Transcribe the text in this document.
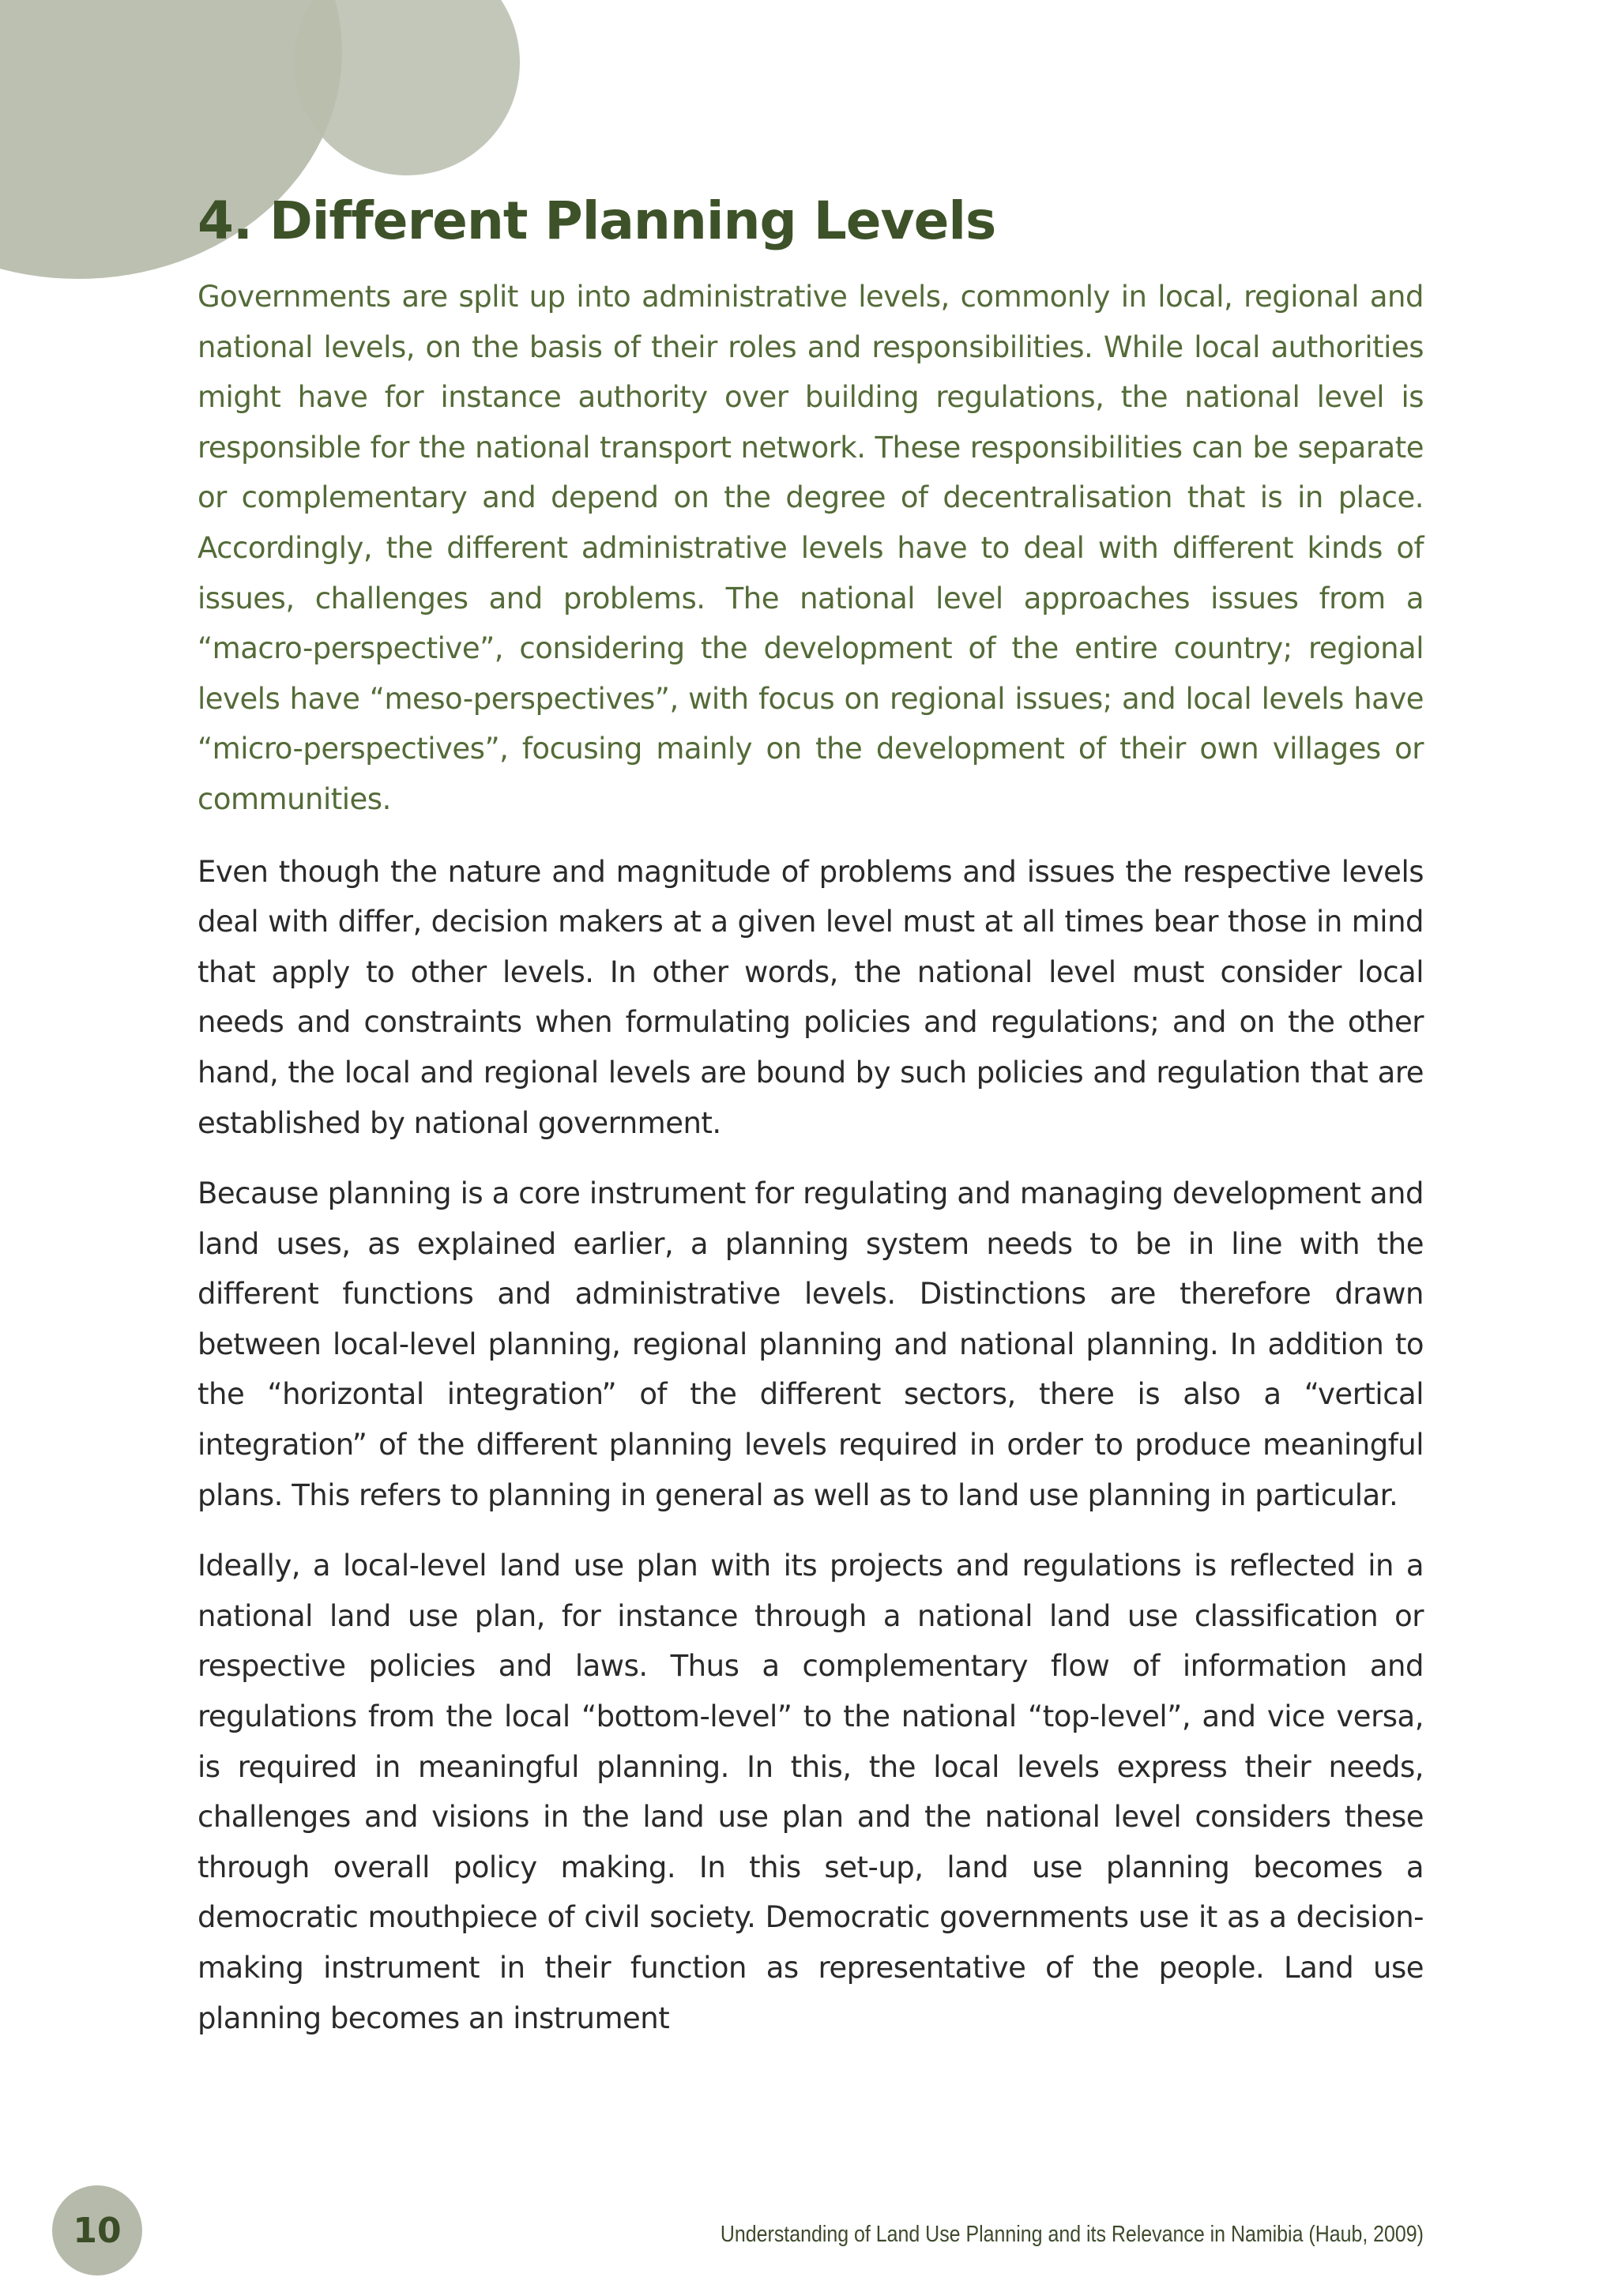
4. Different Planning Levels

Governments are split up into administrative levels, commonly in local, regional and national levels, on the basis of their roles and responsibilities. While local authorities might have for instance authority over building regulations, the national level is responsible for the national transport network. These responsibilities can be separate or complementary and depend on the degree of decentralisation that is in place. Accordingly, the different administrative levels have to deal with different kinds of issues, challenges and problems. The national level approaches issues from a “macro-perspective”, considering the development of the entire country; regional levels have “meso-perspectives”, with focus on regional issues; and local levels have “micro-perspectives”, focusing mainly on the development of their own villages or communities.

Even though the nature and magnitude of problems and issues the respective levels deal with differ, decision makers at a given level must at all times bear those in mind that apply to other levels. In other words, the national level must consider local needs and constraints when formulating policies and regulations; and on the other hand, the local and regional levels are bound by such policies and regulation that are established by national government.

Because planning is a core instrument for regulating and managing development and land uses, as explained earlier, a planning system needs to be in line with the different functions and administrative levels. Distinctions are therefore drawn between local-level planning, regional planning and national planning. In addition to the “horizontal integration” of the different sectors, there is also a “vertical integration” of the different planning levels required in order to produce meaningful plans. This refers to planning in general as well as to land use planning in particular.

Ideally, a local-level land use plan with its projects and regulations is reflected in a national land use plan, for instance through a national land use classification or respective policies and laws. Thus a complementary flow of information and regulations from the local “bottom-level” to the national “top-level”, and vice versa, is required in meaningful planning. In this, the local levels express their needs, challenges and visions in the land use plan and the national level considers these through overall policy making. In this set-up, land use planning becomes a democratic mouthpiece of civil society. Democratic governments use it as a decision-making instrument in their function as representative of the people. Land use planning becomes an instrument

10	Understanding of Land Use Planning and its Relevance in Namibia (Haub, 2009)
